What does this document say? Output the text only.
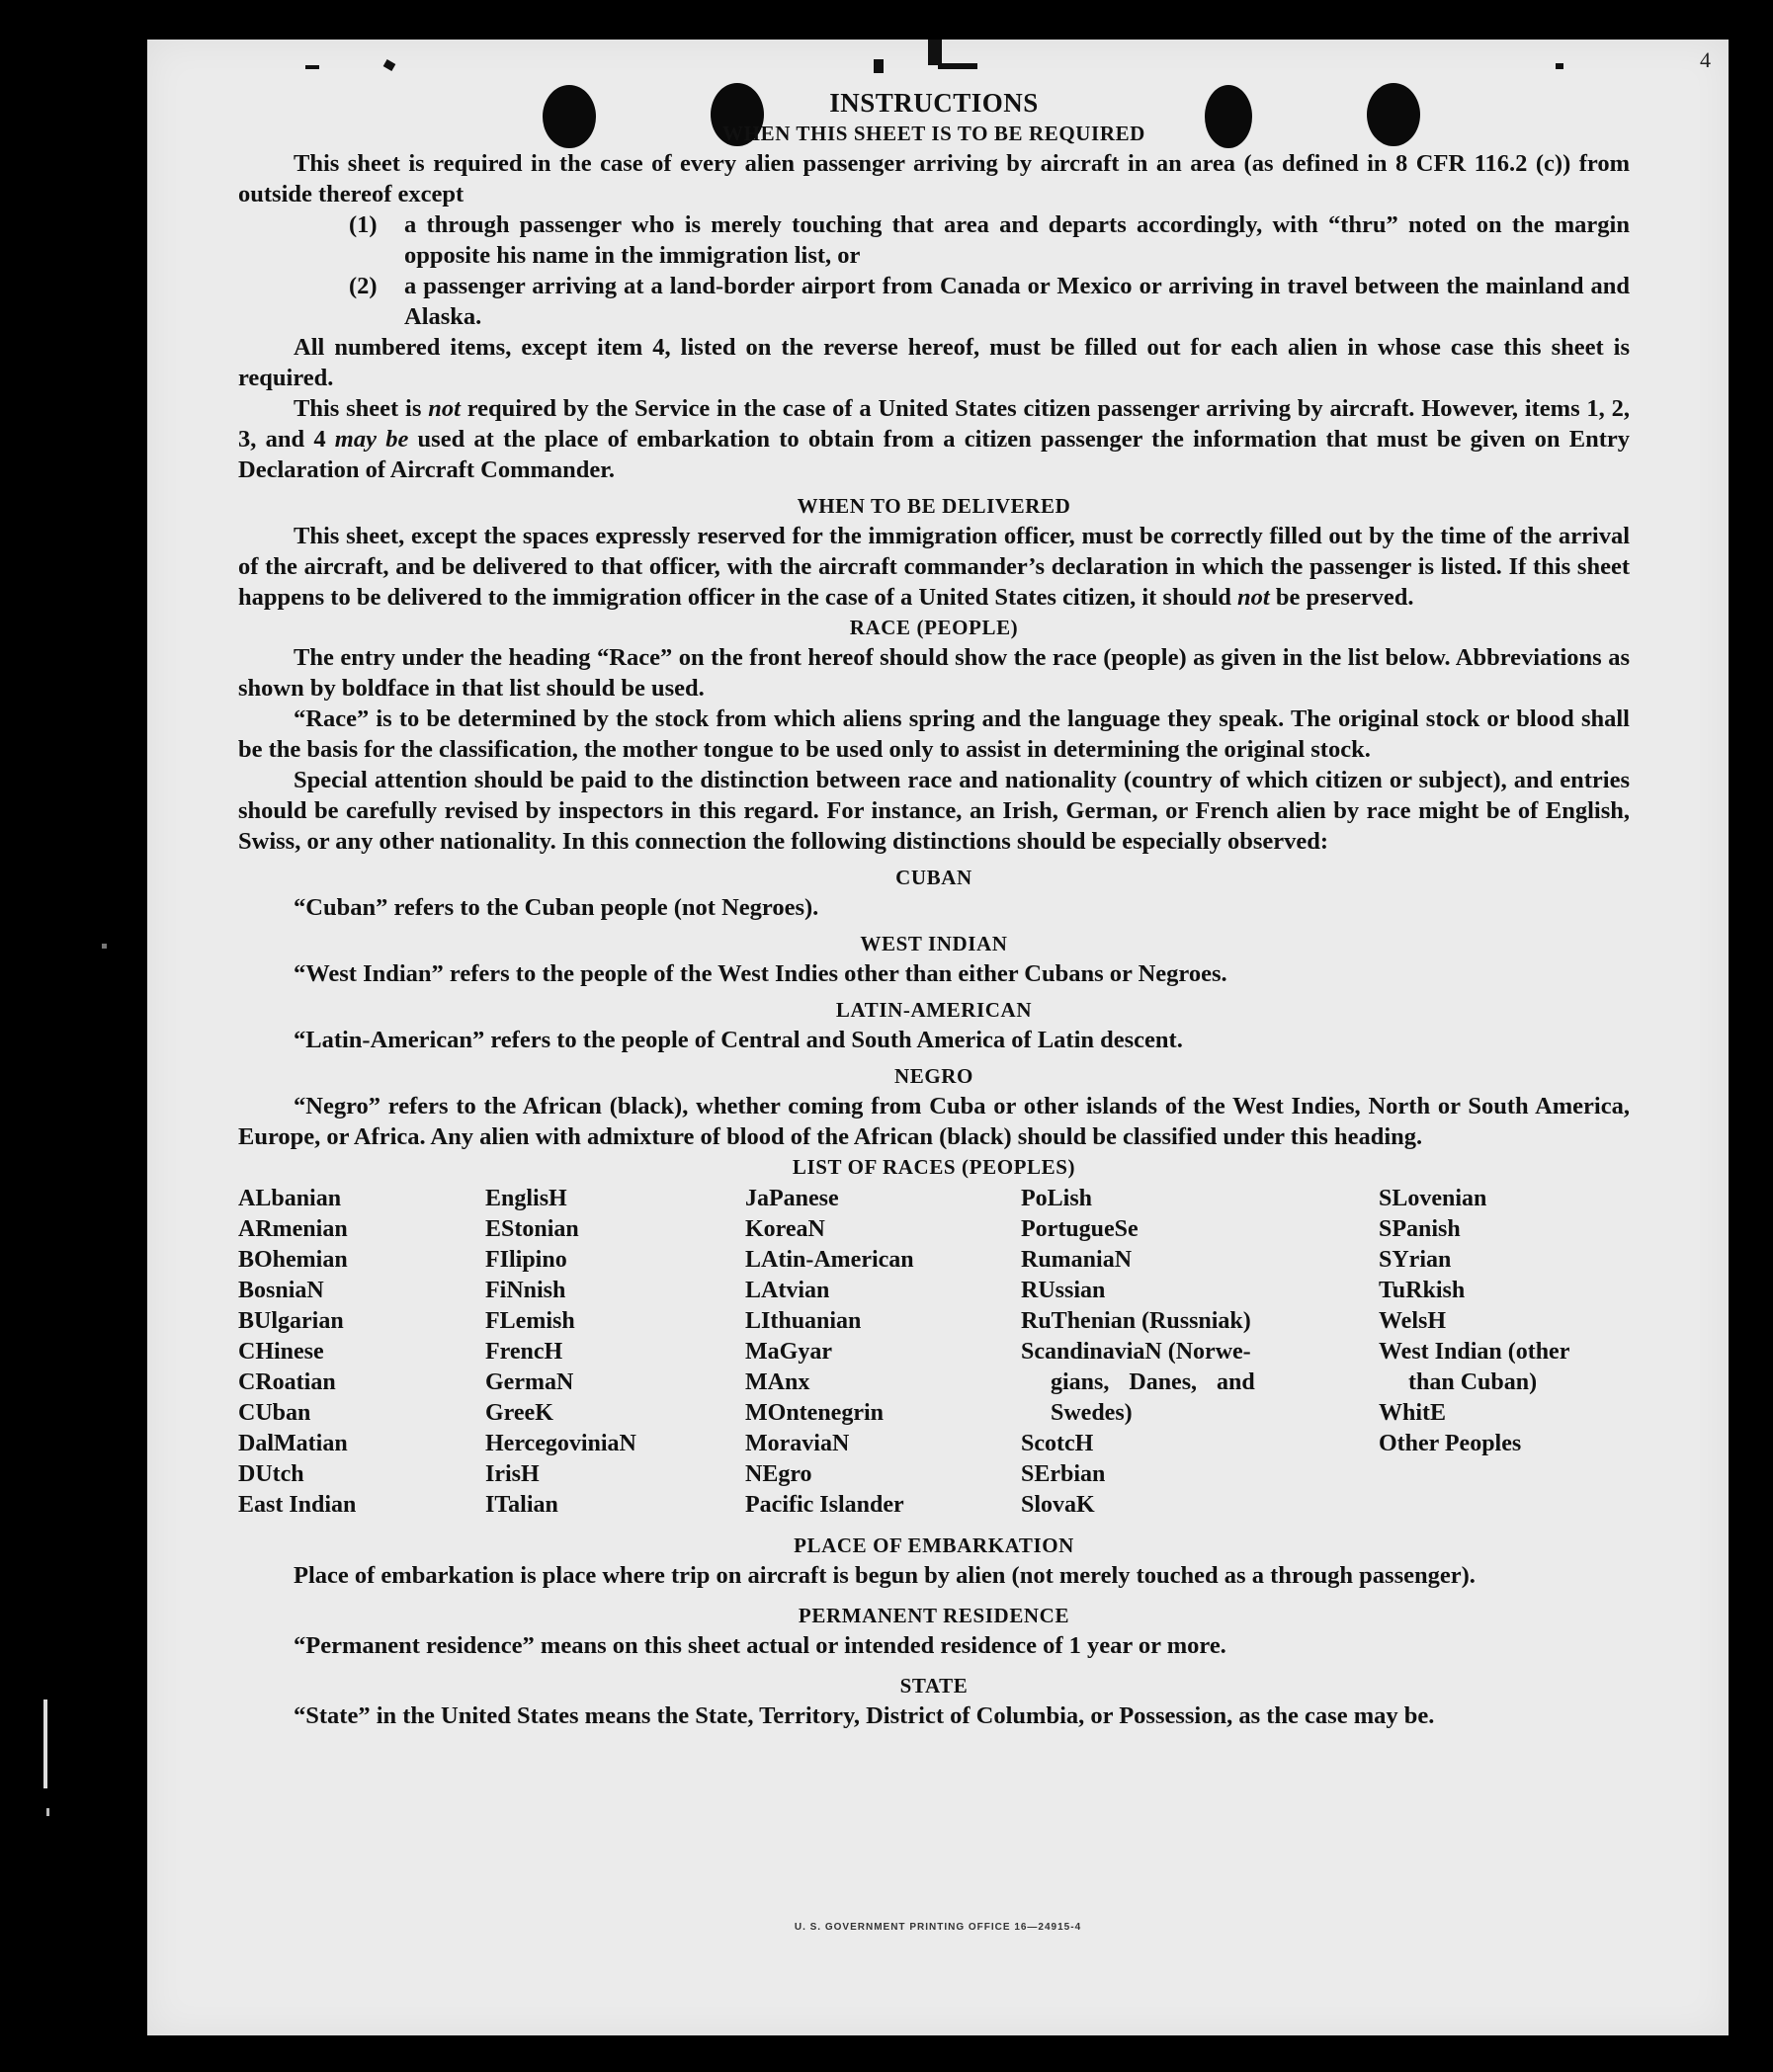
4
INSTRUCTIONS
WHEN THIS SHEET IS TO BE REQUIRED

This sheet is required in the case of every alien passenger arriving by aircraft in an area (as defined in 8 CFR 116.2 (c)) from outside thereof except

(1)	a through passenger who is merely touching that area and departs accordingly, with “thru” noted on the margin opposite his name in the immigration list, or
(2)	a passenger arriving at a land-border airport from Canada or Mexico or arriving in travel between the mainland and Alaska.

All numbered items, except item 4, listed on the reverse hereof, must be filled out for each alien in whose case this sheet is required.

This sheet is not required by the Service in the case of a United States citizen passenger arriving by aircraft. However, items 1, 2, 3, and 4 may be used at the place of embarkation to obtain from a citizen passenger the information that must be given on Entry Declaration of Aircraft Commander.

WHEN TO BE DELIVERED

This sheet, except the spaces expressly reserved for the immigration officer, must be correctly filled out by the time of the arrival of the aircraft, and be delivered to that officer, with the aircraft commander’s declaration in which the passenger is listed. If this sheet happens to be delivered to the immigration officer in the case of a United States citizen, it should not be preserved.

RACE (PEOPLE)

The entry under the heading “Race” on the front hereof should show the race (people) as given in the list below. Abbreviations as shown by boldface in that list should be used.

“Race” is to be determined by the stock from which aliens spring and the language they speak. The original stock or blood shall be the basis for the classification, the mother tongue to be used only to assist in determining the original stock.

Special attention should be paid to the distinction between race and nationality (country of which citizen or subject), and entries should be carefully revised by inspectors in this regard. For instance, an Irish, German, or French alien by race might be of English, Swiss, or any other nationality. In this connection the following distinctions should be especially observed:

CUBAN

“Cuban” refers to the Cuban people (not Negroes).

WEST INDIAN

“West Indian” refers to the people of the West Indies other than either Cubans or Negroes.

LATIN-AMERICAN

“Latin-American” refers to the people of Central and South America of Latin descent.

NEGRO

“Negro” refers to the African (black), whether coming from Cuba or other islands of the West Indies, North or South America, Europe, or Africa. Any alien with admixture of blood of the African (black) should be classified under this heading.

LIST OF RACES (PEOPLES)
ALbanian
ARmenian
BOhemian
BosniaN
BUlgarian
CHinese
CRoatian
CUban
DalMatian
DUtch
East Indian
EnglisH
EStonian
FIlipino
FiNnish
FLemish
FrencH
GermaN
GreeK
HercegoviniaN
IrisH
ITalian
JaPanese
KoreaN
LAtin-American
LAtvian
LIthuanian
MaGyar
MAnx
MOntenegrin
MoraviaN
NEgro
Pacific Islander
PoLish
PortugueSe
RumaniaN
RUssian
RuThenian (Russniak)
ScandinaviaN (Norwe-
gians, Danes, and
Swedes)
ScotcH
SErbian
SlovaK
SLovenian
SPanish
SYrian
TuRkish
WelsH
West Indian (other
than Cuban)
WhitE
Other Peoples
PLACE OF EMBARKATION

Place of embarkation is place where trip on aircraft is begun by alien (not merely touched as a through passenger).

PERMANENT RESIDENCE

“Permanent residence” means on this sheet actual or intended residence of 1 year or more.

STATE

“State” in the United States means the State, Territory, District of Columbia, or Possession, as the case may be.

U. S. GOVERNMENT PRINTING OFFICE 16—24915-4
